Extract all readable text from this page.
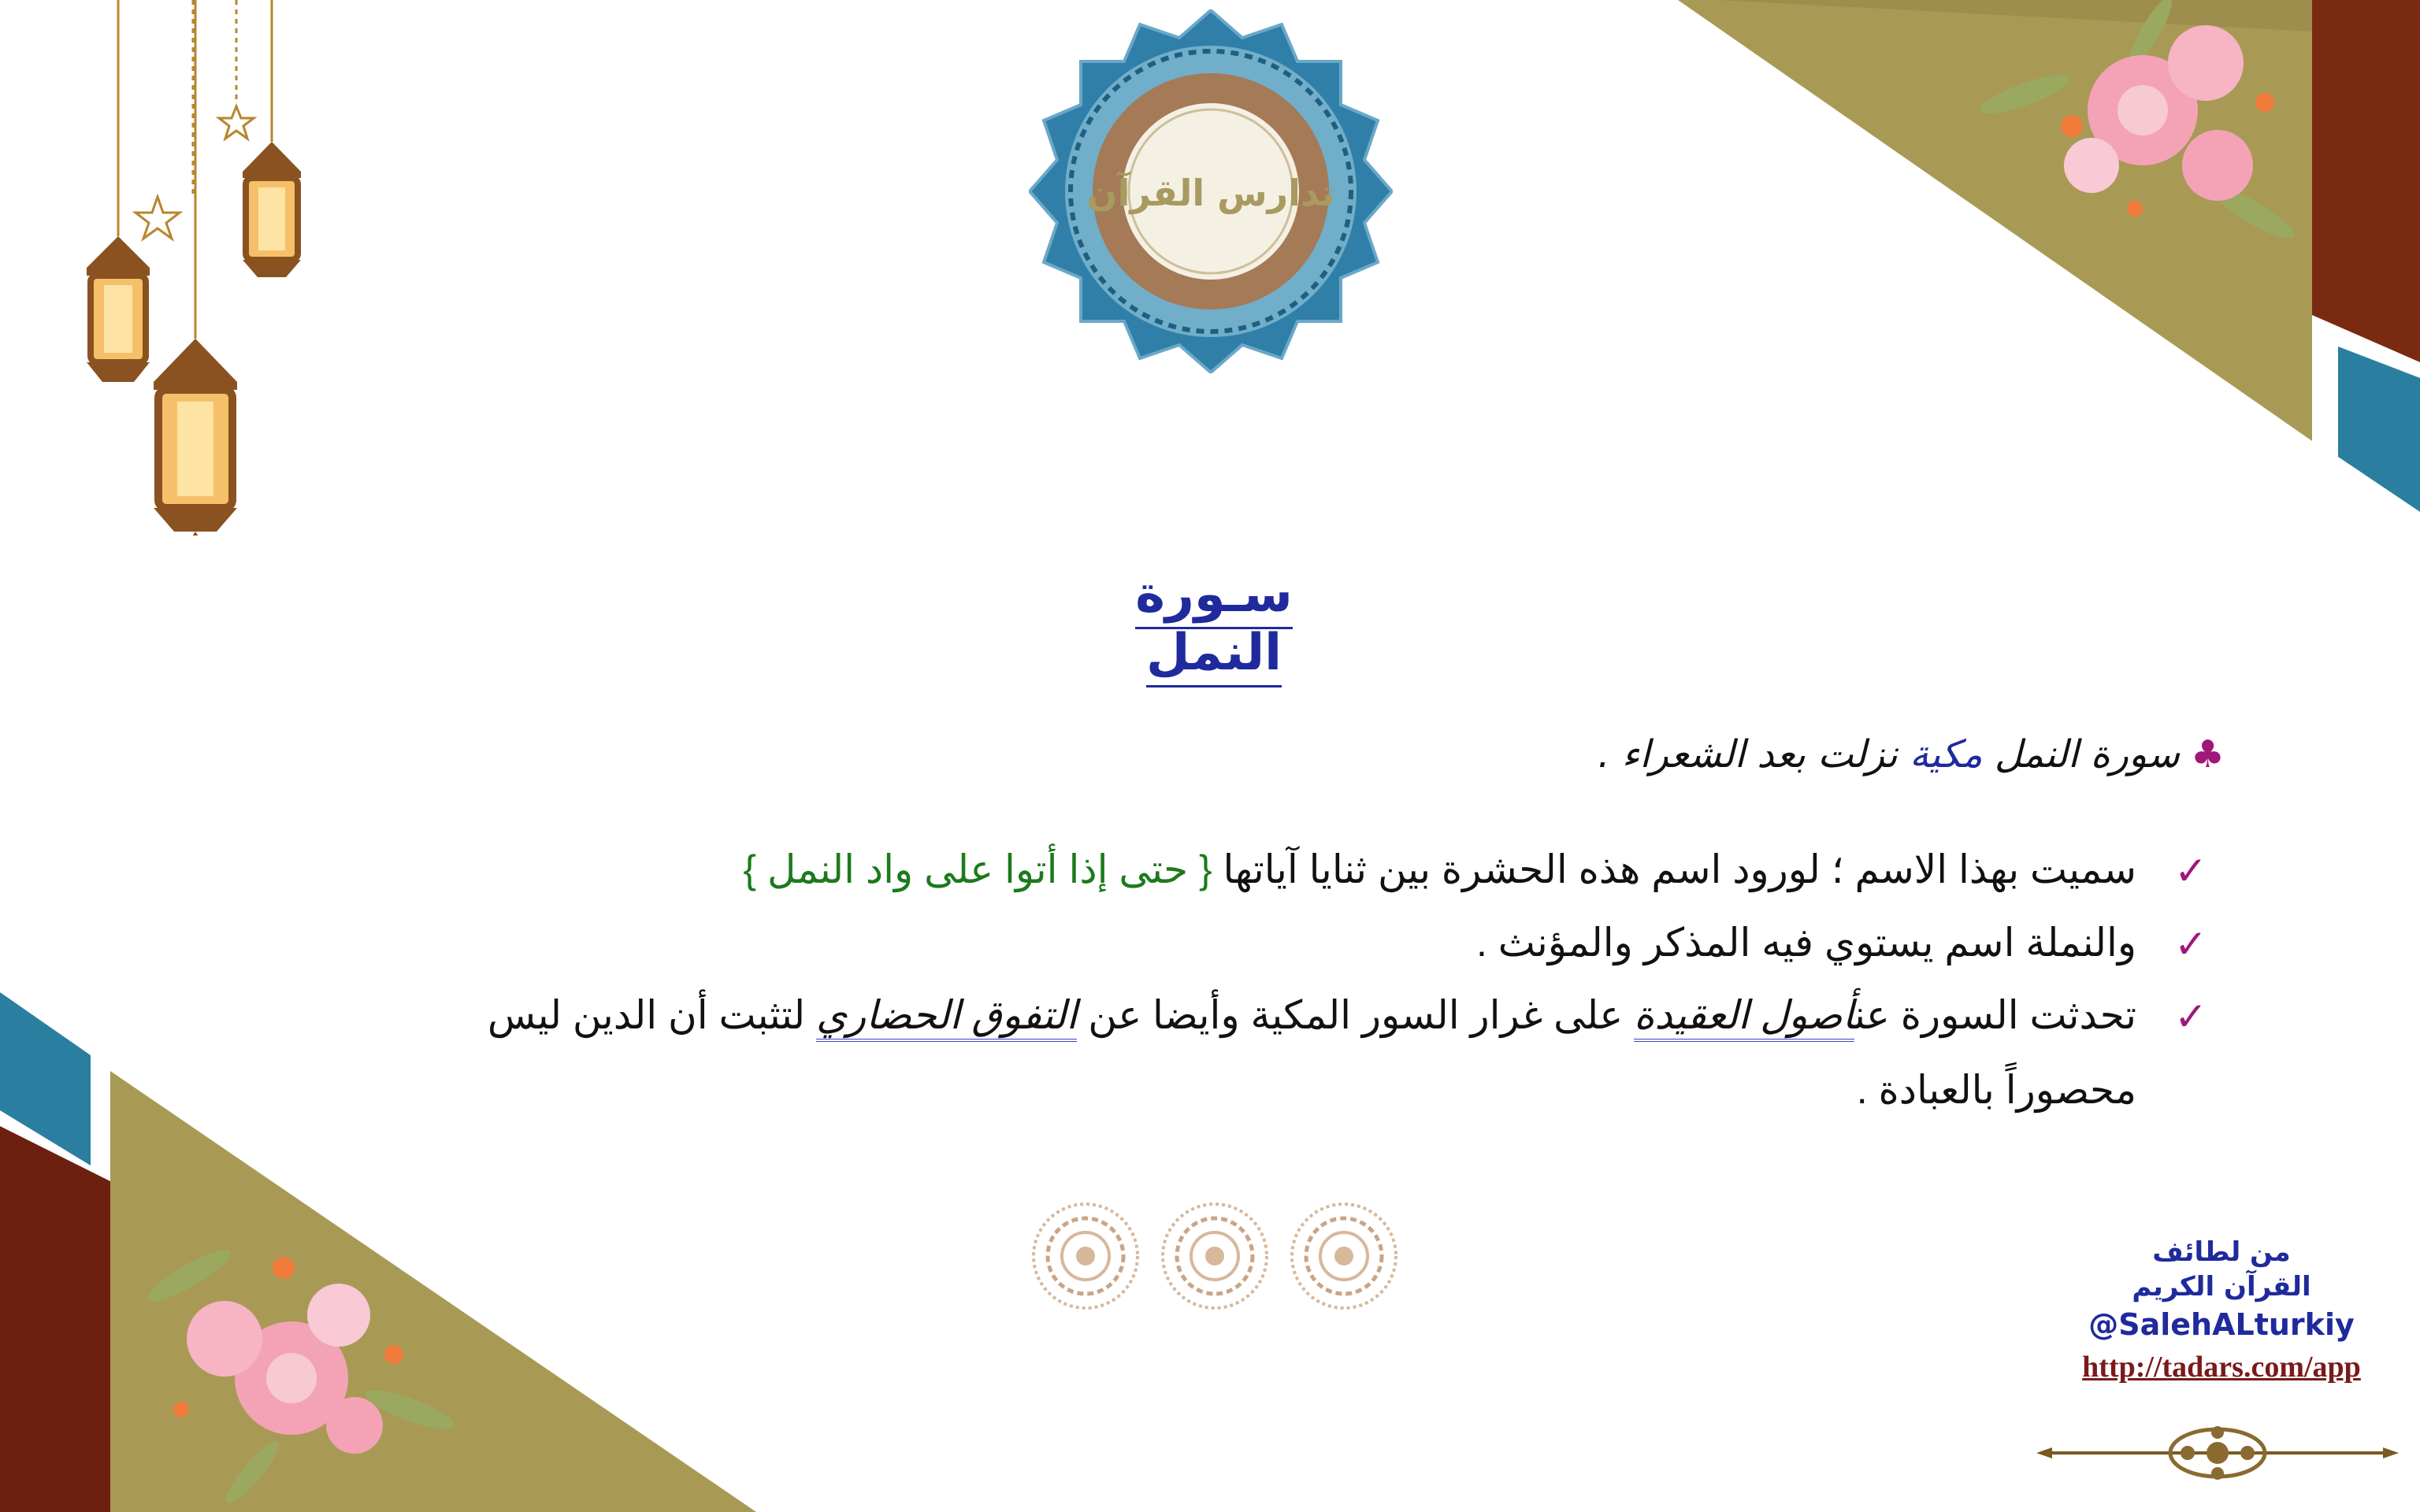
تدارس القرآن
سـورة النمل
♣سورة النمل مكية نزلت بعد الشعراء .
✓
سميت بهذا الاسم ؛ لورود اسم هذه الحشرة بين ثنايا آياتها { حتى إذا أتوا على واد النمل }
✓
والنملة اسم يستوي فيه المذكر والمؤنث .
✓
تحدثت السورة عنأصول العقيدة على غرار السور المكية وأيضا عن التفوق الحضاري لتثبت أن الدين ليس
محصوراً بالعبادة .
من لطائف
القرآن الكريم
@SalehALturkiy
http://tadars.com/app
